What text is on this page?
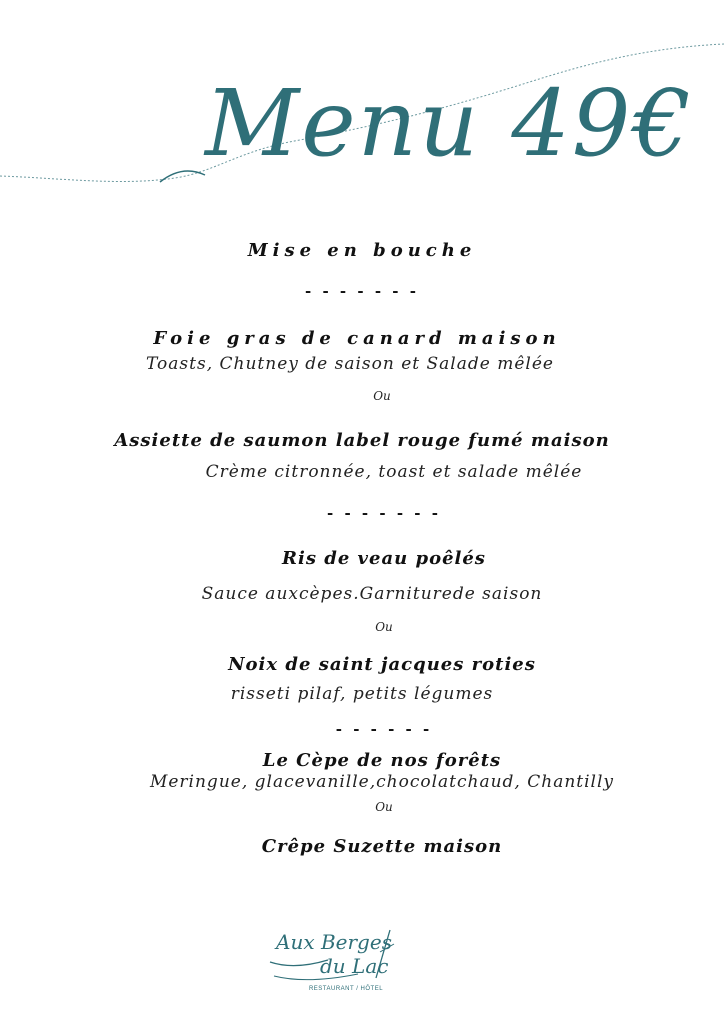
Menu 49€
Mise en bouche
- - - - - - -
Foie gras de canard maison
Toasts, Chutney de saison et Salade mêlée
Ou
Assiette de saumon label rouge fumé maison
Crème citronnée, toast et salade mêlée
- - - - - - -
Ris de veau poêlés
Sauce auxcèpes.Garniturede saison
Ou
Noix de saint jacques roties
risseti pilaf, petits légumes
- - - - - -
Le Cèpe de nos forêts
Meringue, glacevanille,chocolatchaud, Chantilly
Ou
Crêpe Suzette maison
Aux Berges
du Lac
RESTAURANT / HÔTEL
